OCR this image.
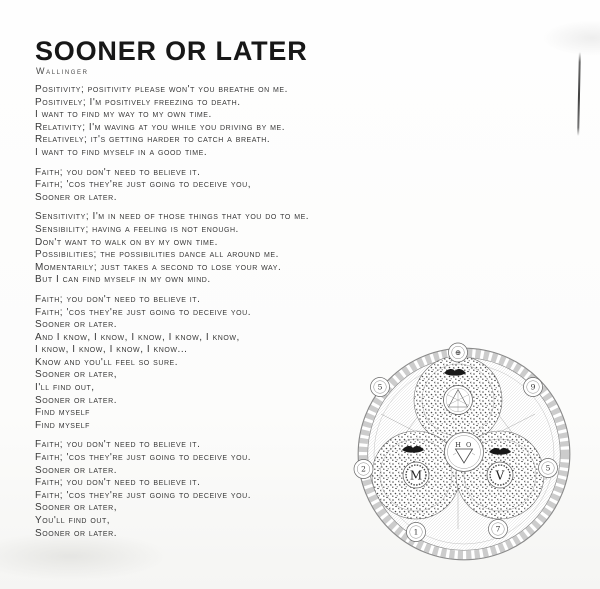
SOONER OR LATER
Wallinger

Positivity; positivity please won't you breathe on me.
Positively; I'm positively freezing to death.
I want to find my way to my own time.
Relativity; I'm waving at you while you driving by me.
Relatively; it's getting harder to catch a breath.
I want to find myself in a good time.

Faith; you don't need to believe it.
Faith; 'cos they're just going to deceive you,
Sooner or later.

Sensitivity; I'm in need of those things that you do to me.
Sensibility; having a feeling is not enough.
Don't want to walk on by my own time.
Possibilities; the possibilities dance all around me.
Momentarily; just takes a second to lose your way.
But I can find myself in my own mind.

Faith; you don't need to believe it.
Faith; 'cos they're just going to deceive you.
Sooner or later.
And I know, I know, I know, I know, I know,
I know, I know, I know, I know...
Know and you'll feel so sure.
Sooner or later,
I'll find out,
Sooner or later.
Find myself
Find myself

Faith; you don't need to believe it.
Faith; 'cos they're just going to deceive you.
Sooner or later.
Faith; you don't need to believe it.
Faith; 'cos they're just going to deceive you.
Sooner or later,
You'll find out,
Sooner or later.

M	V
H O
⊕
5	9
2	5
1	7
